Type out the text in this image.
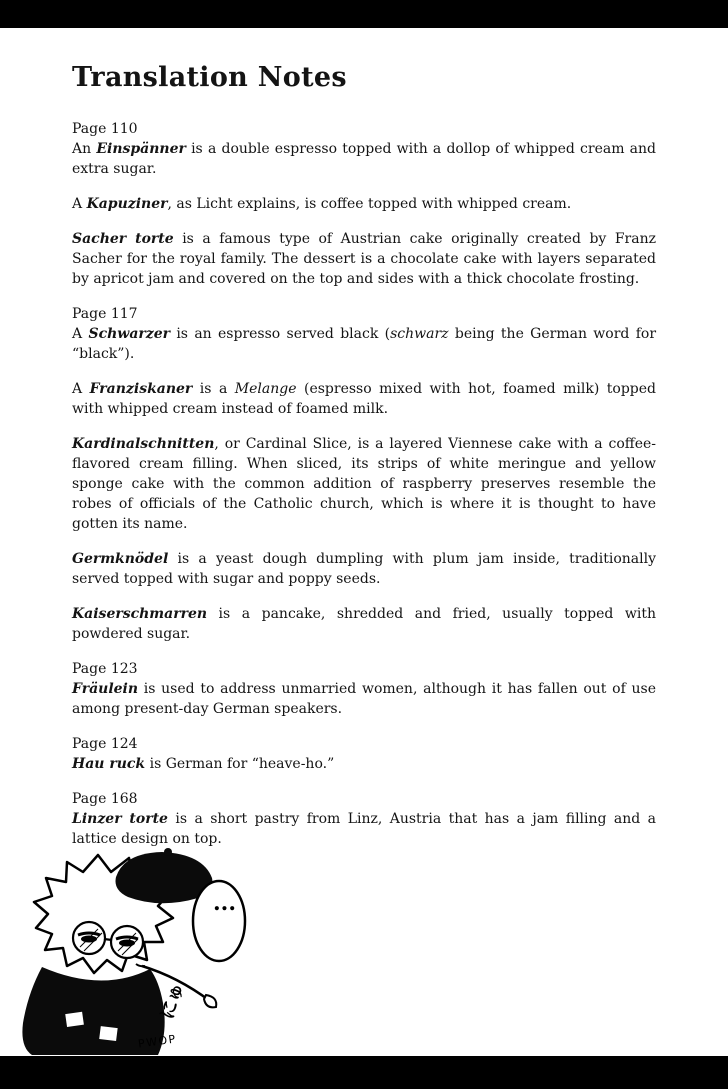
Translation Notes

Page 110

An Einspänner is a double espresso topped with a dollop of whipped cream and extra sugar.

A Kapuziner, as Licht explains, is coffee topped with whipped cream.

Sacher torte is a famous type of Austrian cake originally created by Franz Sacher for the royal family. The dessert is a chocolate cake with layers separated by apricot jam and covered on the top and sides with a thick chocolate frosting.

Page 117

A Schwarzer is an espresso served black (schwarz being the German word for “black”).

A Franziskaner is a Melange (espresso mixed with hot, foamed milk) topped with whipped cream instead of foamed milk.

Kardinalschnitten, or Cardinal Slice, is a layered Viennese cake with a coffee-flavored cream filling. When sliced, its strips of white meringue and yellow sponge cake with the common addition of raspberry preserves resemble the robes of officials of the Catholic church, which is where it is thought to have gotten its name.

Germknödel is a yeast dough dumpling with plum jam inside, traditionally served topped with sugar and poppy seeds.

Kaiserschmarren is a pancake, shredded and fried, usually topped with powdered sugar.

Page 123

Fräulein is used to address unmarried women, although it has fallen out of use among present-day German speakers.

Page 124

Hau ruck is German for “heave-ho.”

Page 168

Linzer torte is a short pastry from Linz, Austria that has a jam filling and a lattice design on top.

...
にゅ
PWOP
